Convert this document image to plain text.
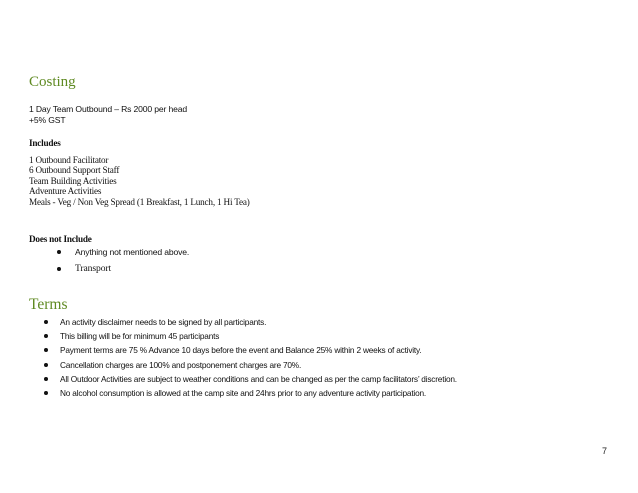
Costing

1 Day Team Outbound – Rs 2000 per head

+5% GST

Includes

1 Outbound Facilitator
6 Outbound Support Staff
Team Building Activities
Adventure Activities
Meals - Veg / Non Veg Spread (1 Breakfast, 1 Lunch, 1 Hi Tea)

Does not Include

Anything not mentioned above.
Transport
Terms
An activity disclaimer needs to be signed by all participants.
This billing will be for minimum 45 participants
Payment terms are 75 % Advance 10 days before the event and Balance 25% within 2 weeks of activity.
Cancellation charges are 100% and postponement charges are 70%.
All Outdoor Activities are subject to weather conditions and can be changed as per the camp facilitators’ discretion.
No alcohol consumption is allowed at the camp site and 24hrs prior to any adventure activity participation.
7
